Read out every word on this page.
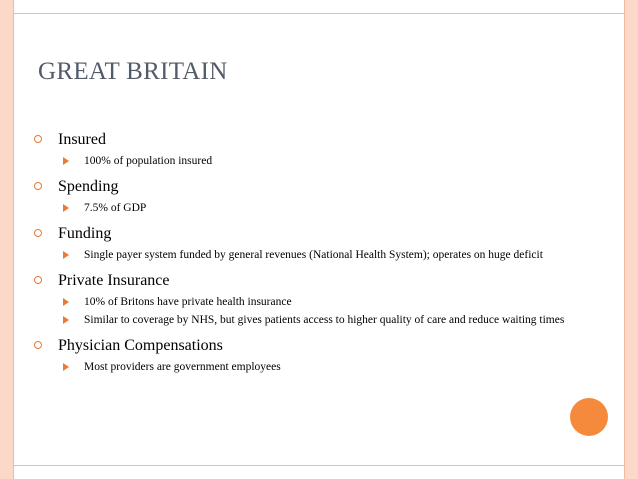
GREAT BRITAIN
Insured
100% of population insured
Spending
7.5% of GDP
Funding
Single payer system funded by general revenues (National Health System); operates on huge deficit
Private Insurance
10% of Britons have private health insurance
Similar to coverage by NHS, but gives patients access to higher quality of care and reduce waiting times
Physician Compensations
Most providers are government employees
